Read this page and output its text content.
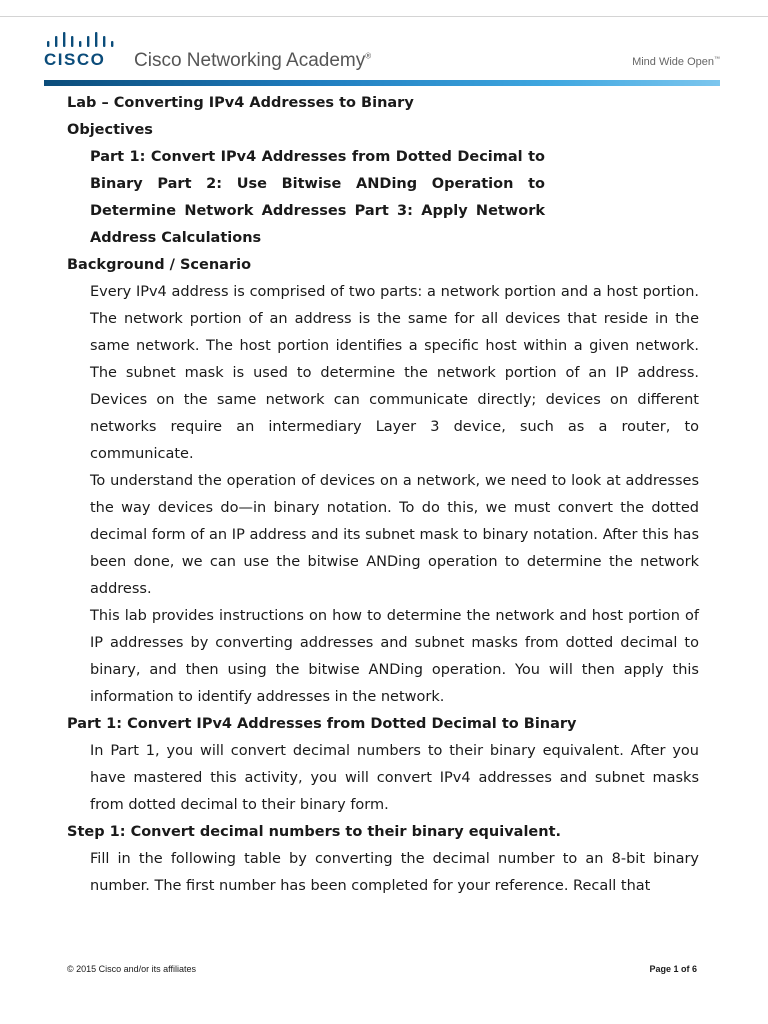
CISCO Cisco Networking Academy®	Mind Wide Open™
Lab – Converting IPv4 Addresses to Binary
Objectives
Part 1: Convert IPv4 Addresses from Dotted Decimal to Binary Part 2: Use Bitwise ANDing Operation to Determine Network Addresses Part 3: Apply Network Address Calculations
Background / Scenario
Every IPv4 address is comprised of two parts: a network portion and a host portion. The network portion of an address is the same for all devices that reside in the same network. The host portion identifies a specific host within a given network. The subnet mask is used to determine the network portion of an IP address. Devices on the same network can communicate directly; devices on different networks require an intermediary Layer 3 device, such as a router, to communicate.
To understand the operation of devices on a network, we need to look at addresses the way devices do—in binary notation. To do this, we must convert the dotted decimal form of an IP address and its subnet mask to binary notation. After this has been done, we can use the bitwise ANDing operation to determine the network address.
This lab provides instructions on how to determine the network and host portion of IP addresses by converting addresses and subnet masks from dotted decimal to binary, and then using the bitwise ANDing operation. You will then apply this information to identify addresses in the network.
Part 1: Convert IPv4 Addresses from Dotted Decimal to Binary
In Part 1, you will convert decimal numbers to their binary equivalent. After you have mastered this activity, you will convert IPv4 addresses and subnet masks from dotted decimal to their binary form.
Step 1: Convert decimal numbers to their binary equivalent.
Fill in the following table by converting the decimal number to an 8-bit binary number. The first number has been completed for your reference. Recall that
© 2015 Cisco and/or its affiliates	Page 1 of 6
